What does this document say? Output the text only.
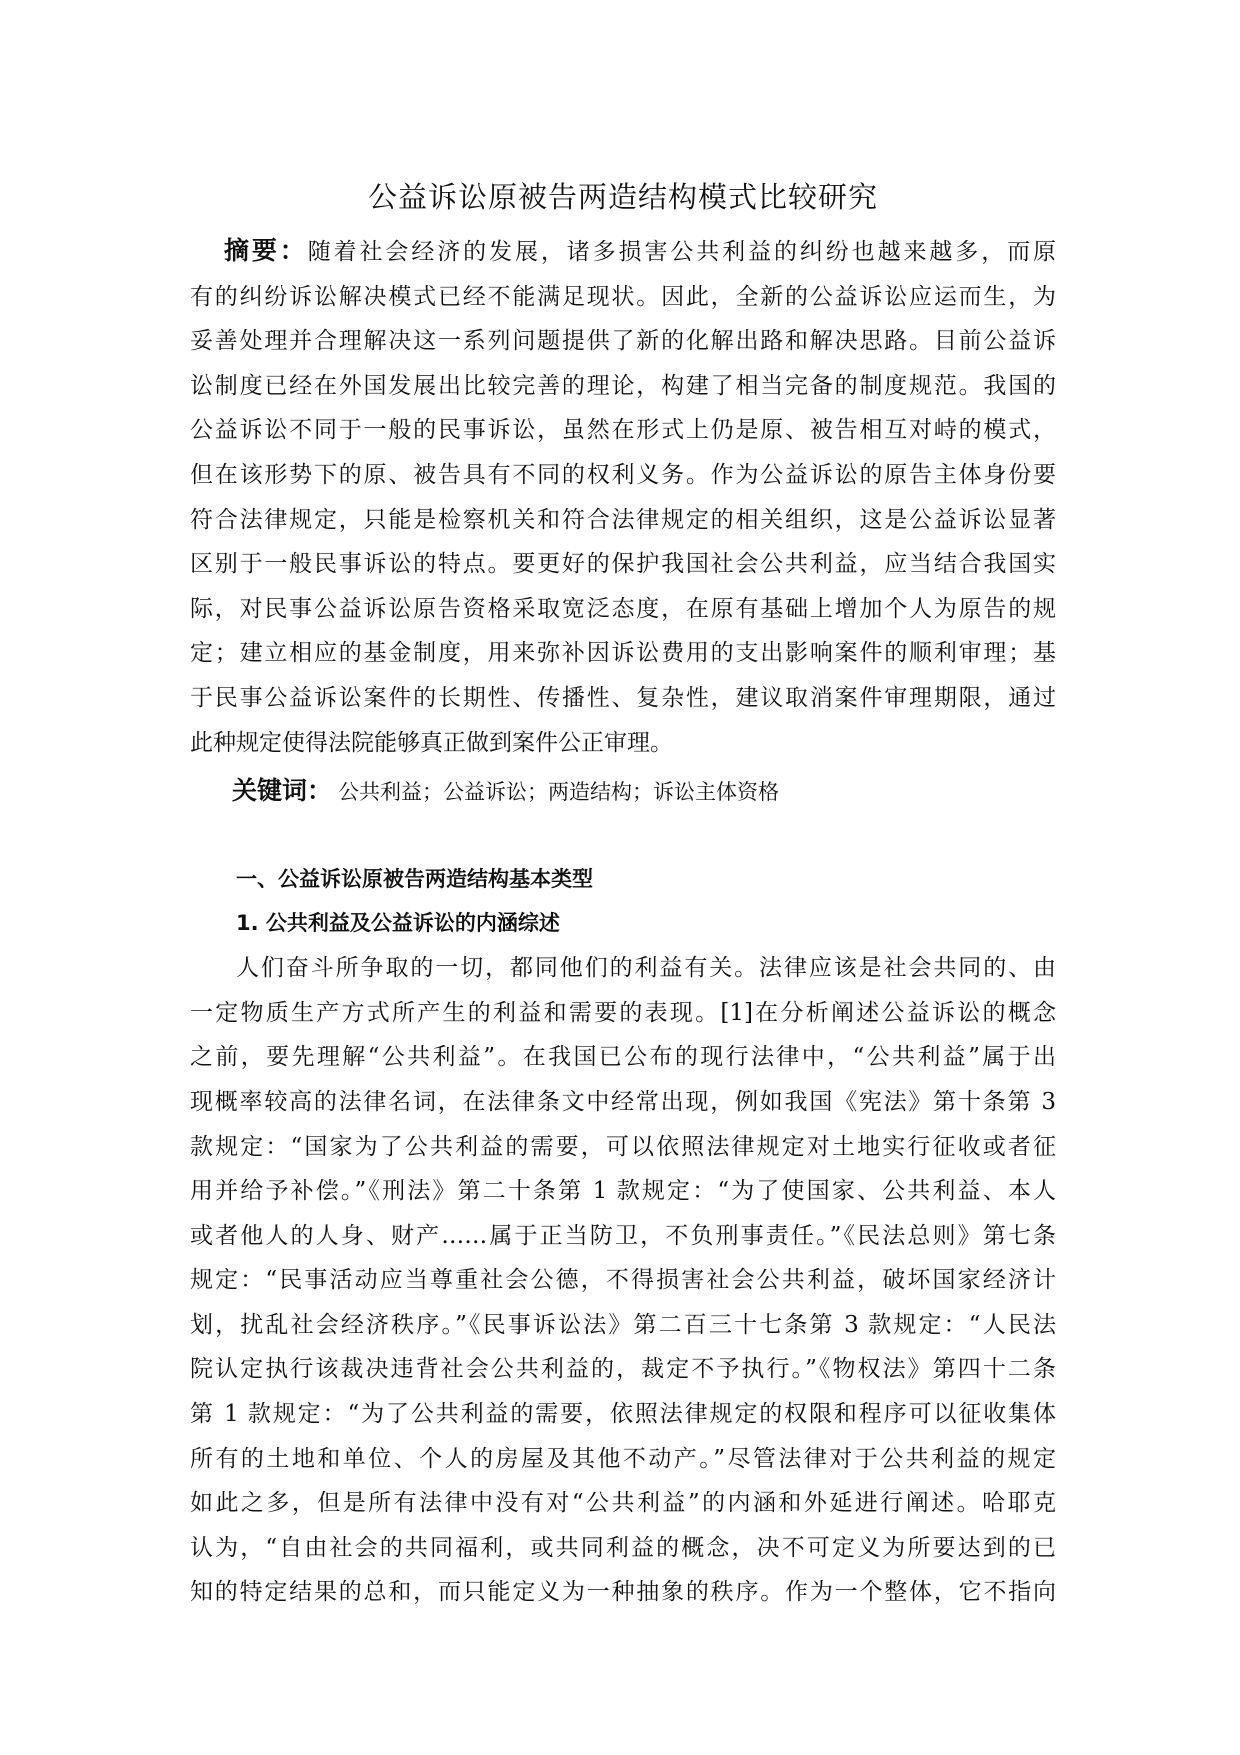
公益诉讼原被告两造结构模式比较研究
摘要：随着社会经济的发展，诸多损害公共利益的纠纷也越来越多，而原
有的纠纷诉讼解决模式已经不能满足现状。因此，全新的公益诉讼应运而生，为
妥善处理并合理解决这一系列问题提供了新的化解出路和解决思路。目前公益诉
讼制度已经在外国发展出比较完善的理论，构建了相当完备的制度规范。我国的
公益诉讼不同于一般的民事诉讼，虽然在形式上仍是原、被告相互对峙的模式，
但在该形势下的原、被告具有不同的权利义务。作为公益诉讼的原告主体身份要
符合法律规定，只能是检察机关和符合法律规定的相关组织，这是公益诉讼显著
区别于一般民事诉讼的特点。要更好的保护我国社会公共利益，应当结合我国实
际，对民事公益诉讼原告资格采取宽泛态度，在原有基础上增加个人为原告的规
定；建立相应的基金制度，用来弥补因诉讼费用的支出影响案件的顺利审理；基
于民事公益诉讼案件的长期性、传播性、复杂性，建议取消案件审理期限，通过
此种规定使得法院能够真正做到案件公正审理。
关键词： 公共利益；公益诉讼；两造结构；诉讼主体资格
一、公益诉讼原被告两造结构基本类型
1. 公共利益及公益诉讼的内涵综述
人们奋斗所争取的一切，都同他们的利益有关。法律应该是社会共同的、由
一定物质生产方式所产生的利益和需要的表现。[1]在分析阐述公益诉讼的概念
之前，要先理解“公共利益”。在我国已公布的现行法律中，“公共利益”属于出
现概率较高的法律名词，在法律条文中经常出现，例如我国《宪法》第十条第 3
款规定：“国家为了公共利益的需要，可以依照法律规定对土地实行征收或者征
用并给予补偿。”《刑法》第二十条第 1 款规定：“为了使国家、公共利益、本人
或者他人的人身、财产……属于正当防卫，不负刑事责任。”《民法总则》第七条
规定：“民事活动应当尊重社会公德，不得损害社会公共利益，破坏国家经济计
划，扰乱社会经济秩序。”《民事诉讼法》第二百三十七条第 3 款规定：“人民法
院认定执行该裁决违背社会公共利益的，裁定不予执行。”《物权法》第四十二条
第 1 款规定：“为了公共利益的需要，依照法律规定的权限和程序可以征收集体
所有的土地和单位、个人的房屋及其他不动产。”尽管法律对于公共利益的规定
如此之多，但是所有法律中没有对“公共利益”的内涵和外延进行阐述。哈耶克
认为，“自由社会的共同福利，或共同利益的概念，决不可定义为所要达到的已
知的特定结果的总和，而只能定义为一种抽象的秩序。作为一个整体，它不指向
